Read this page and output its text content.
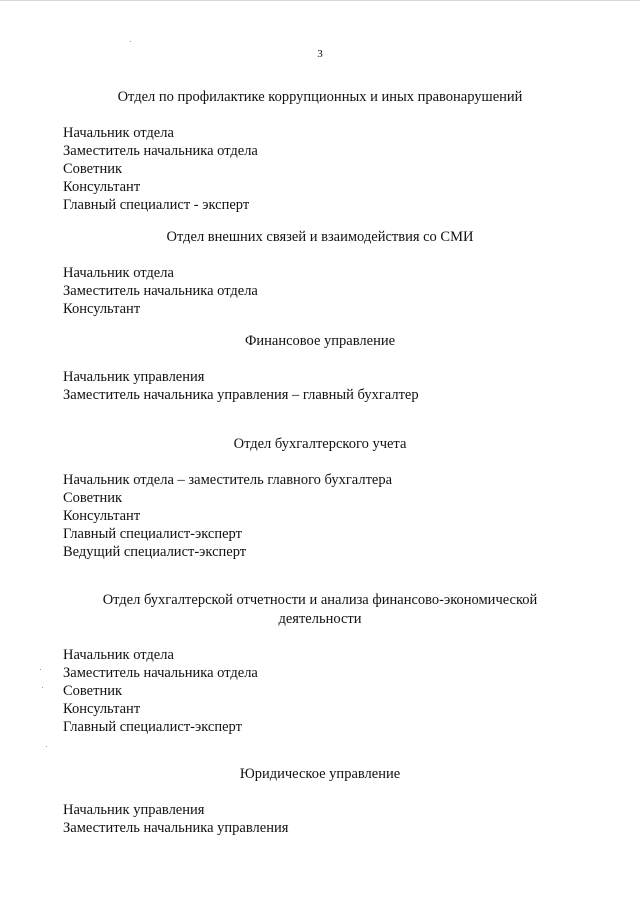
3
Отдел по профилактике коррупционных и иных правонарушений
Начальник отдела
Заместитель начальника отдела
Советник
Консультант
Главный специалист - эксперт
Отдел внешних связей и взаимодействия со СМИ
Начальник отдела
Заместитель начальника отдела
Консультант
Финансовое управление
Начальник управления
Заместитель начальника управления – главный бухгалтер
Отдел бухгалтерского учета
Начальник отдела – заместитель главного бухгалтера
Советник
Консультант
Главный специалист-эксперт
Ведущий специалист-эксперт
Отдел бухгалтерской отчетности и анализа финансово-экономической деятельности
Начальник отдела
Заместитель начальника отдела
Советник
Консультант
Главный специалист-эксперт
Юридическое управление
Начальник управления
Заместитель начальника управления
